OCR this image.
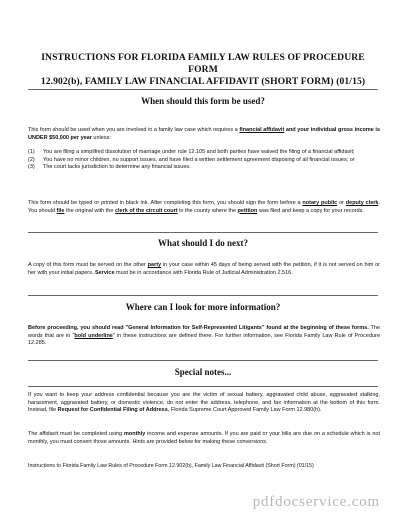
INSTRUCTIONS FOR FLORIDA FAMILY LAW RULES OF PROCEDURE FORM
12.902(b), FAMILY LAW FINANCIAL AFFIDAVIT (SHORT FORM) (01/15)
When should this form be used?
This form should be used when you are involved in a family law case which requires a financial affidavit and your individual gross income is UNDER $50,000 per year unless:
(1) You are filing a simplified dissolution of marriage under rule 12.105 and both parties have waived the filing of a financial affidavit;
(2) You have no minor children, no support issues, and have filed a written settlement agreement disposing of all financial issues; or
(3) The court lacks jurisdiction to determine any financial issues.
This form should be typed or printed in black ink. After completing this form, you should sign the form before a notary public or deputy clerk. You should file the original with the clerk of the circuit court in the county where the petition was filed and keep a copy for your records.
What should I do next?
A copy of this form must be served on the other party in your case within 45 days of being served with the petition, if it is not served on him or her with your initial papers. Service must be in accordance with Florida Rule of Judicial Administration 2.516.
Where can I look for more information?
Before proceeding, you should read "General Information for Self-Represented Litigants" found at the beginning of these forms. The words that are in "bold underline" in these instructions are defined there. For further information, see Florida Family Law Rule of Procedure 12.285.
Special notes...
If you want to keep your address confidential because you are the victim of sexual battery, aggravated child abuse, aggravated stalking, harassment, aggravated battery, or domestic violence, do not enter the address, telephone, and fax information at the bottom of this form. Instead, file Request for Confidential Filing of Address, Florida Supreme Court Approved Family Law Form 12.980(h).
The affidavit must be completed using monthly income and expense amounts. If you are paid or your bills are due on a schedule which is not monthly, you must convert those amounts. Hints are provided below for making these conversions.
Instructions to Florida Family Law Rules of Procedure Form 12.902(b), Family Law Financial Affidavit (Short Form) (01/15)
pdfdocservice.com
